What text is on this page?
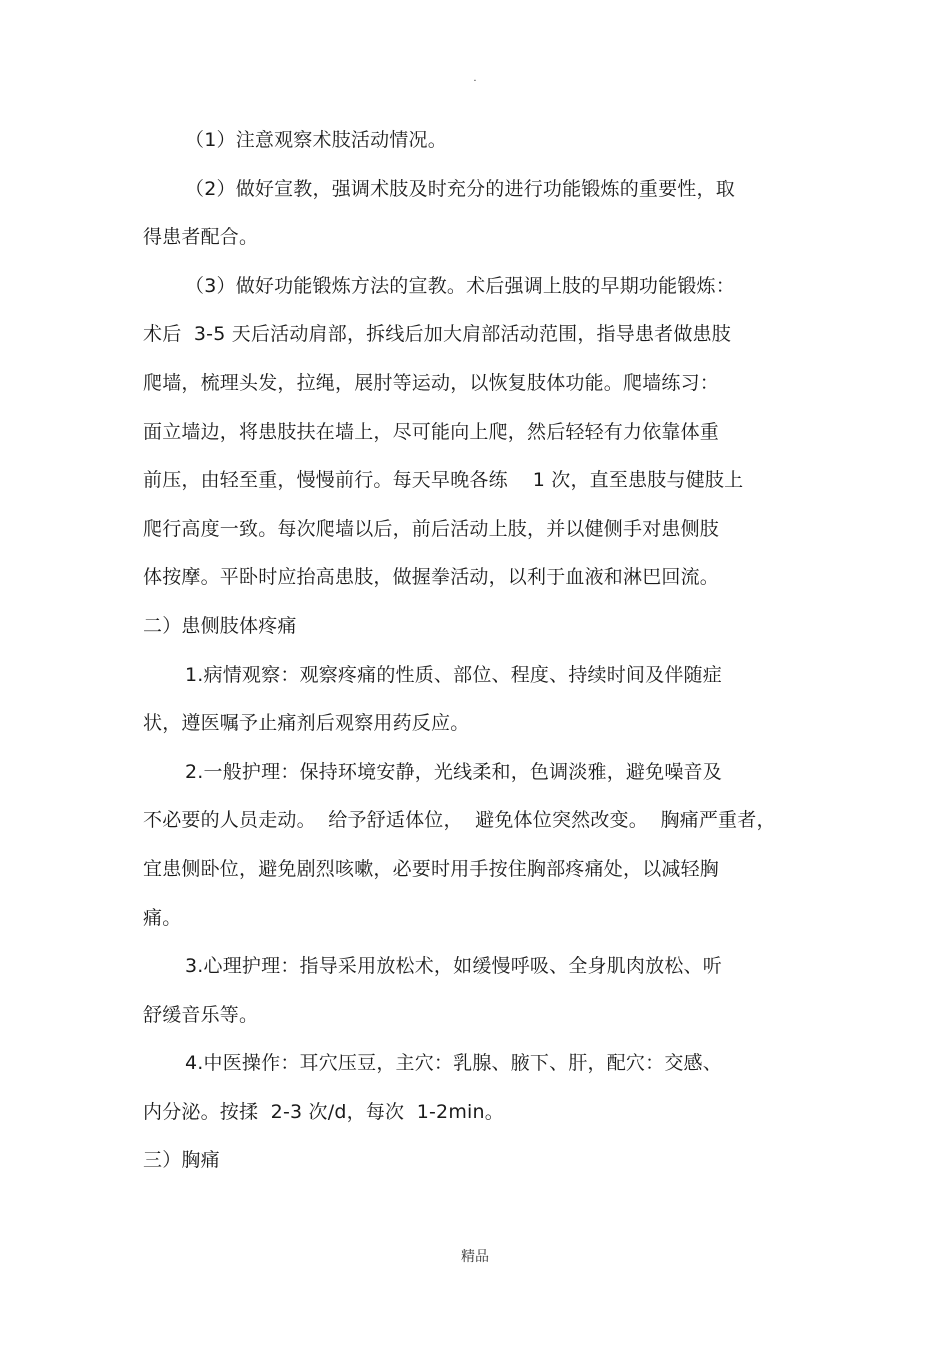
.

（1）注意观察术肢活动情况。

（2）做好宣教，强调术肢及时充分的进行功能锻炼的重要性，取

得患者配合。

（3）做好功能锻炼方法的宣教。术后强调上肢的早期功能锻炼：

术后  3-5 天后活动肩部，拆线后加大肩部活动范围，指导患者做患肢

爬墙，梳理头发，拉绳，展肘等运动，以恢复肢体功能。爬墙练习：

面立墙边，将患肢扶在墙上，尽可能向上爬，然后轻轻有力依靠体重

前压，由轻至重，慢慢前行。每天早晚各练    1 次，直至患肢与健肢上

爬行高度一致。每次爬墙以后，前后活动上肢，并以健侧手对患侧肢

体按摩。平卧时应抬高患肢，做握拳活动，以利于血液和淋巴回流。

二）患侧肢体疼痛

1.病情观察：观察疼痛的性质、部位、程度、持续时间及伴随症

状，遵医嘱予止痛剂后观察用药反应。

2.一般护理：保持环境安静，光线柔和，色调淡雅，避免噪音及

不必要的人员走动。  给予舒适体位，  避免体位突然改变。  胸痛严重者，

宜患侧卧位，避免剧烈咳嗽，必要时用手按住胸部疼痛处，以减轻胸

痛。

3.心理护理：指导采用放松术，如缓慢呼吸、全身肌肉放松、听

舒缓音乐等。

4.中医操作：耳穴压豆，主穴：乳腺、腋下、肝，配穴：交感、

内分泌。按揉  2-3 次/d，每次  1-2min。

三）胸痛

精品
